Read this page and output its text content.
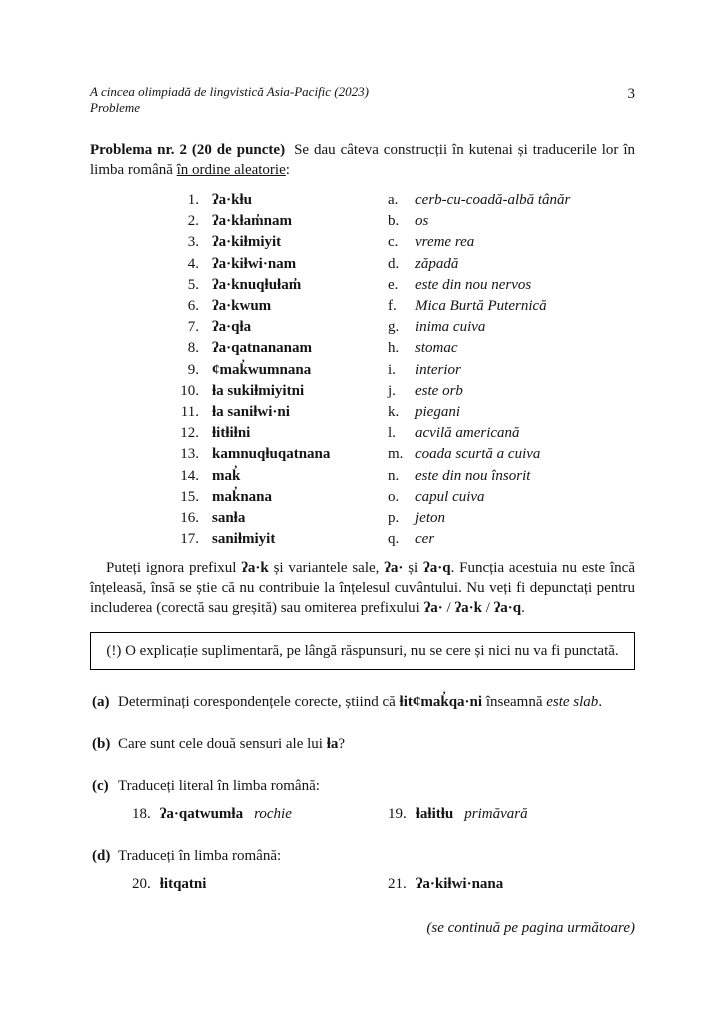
A cincea olimpiadă de lingvistică Asia-Pacific (2023)
Probleme
3

Problema nr. 2 (20 de puncte) Se dau câteva construcții în kutenai și traducerile lor în limba română în ordine aleatorie:

1. ʔa·kⱡu	a.	cerb-cu-coadă-albă tânăr
2. ʔa·kⱡam̓nam	b.	os
3. ʔa·kiⱡmiyit	c.	vreme rea
4. ʔa·kiⱡwi·nam	d.	zăpadă
5. ʔa·knuqⱡuⱡam̓	e.	este din nou nervos
6. ʔa·kwum	f.	Mica Burtă Puternică
7. ʔa·qⱡa	g.	inima cuiva
8. ʔa·qatnananam	h.	stomac
9. ȼmak̓wumnana	i.	interior
10. ⱡa sukiⱡmiyitni	j.	este orb
11. ⱡa saniⱡwi·ni	k.	piegani
12. ⱡitⱡiⱡni	l.	acvilă americană
13. kamnuqⱡuqatnana	m. coada scurtă a cuiva
14. mak̓	n.	este din nou însorit
15. mak̓nana	o.	capul cuiva
16. sanⱡa	p.	jeton
17. saniⱡmiyit	q.	cer

Puteți ignora prefixul ʔa·k și variantele sale, ʔa· și ʔa·q. Funcția acestuia nu este încă înțeleasă, însă se știe că nu contribuie la înțelesul cuvântului. Nu veți fi depunctați pentru includerea (corectă sau greșită) sau omiterea prefixului ʔa· / ʔa·k / ʔa·q.

(!) O explicație suplimentară, pe lângă răspunsuri, nu se cere și nici nu va fi punctată.
(a) Determinați corespondențele corecte, știind că ⱡitȼmak̓qa·ni înseamnă este slab.

(b) Care sunt cele două sensuri ale lui ⱡa?

(c) Traduceți literal în limba română:

18. ʔa·qatwumⱡa rochie	19. ⱡaⱡitⱡu primăvară
(d) Traduceți în limba română:

20. ⱡitqatni	21. ʔa·kiⱡwi·nana
(se continuă pe pagina următoare)
